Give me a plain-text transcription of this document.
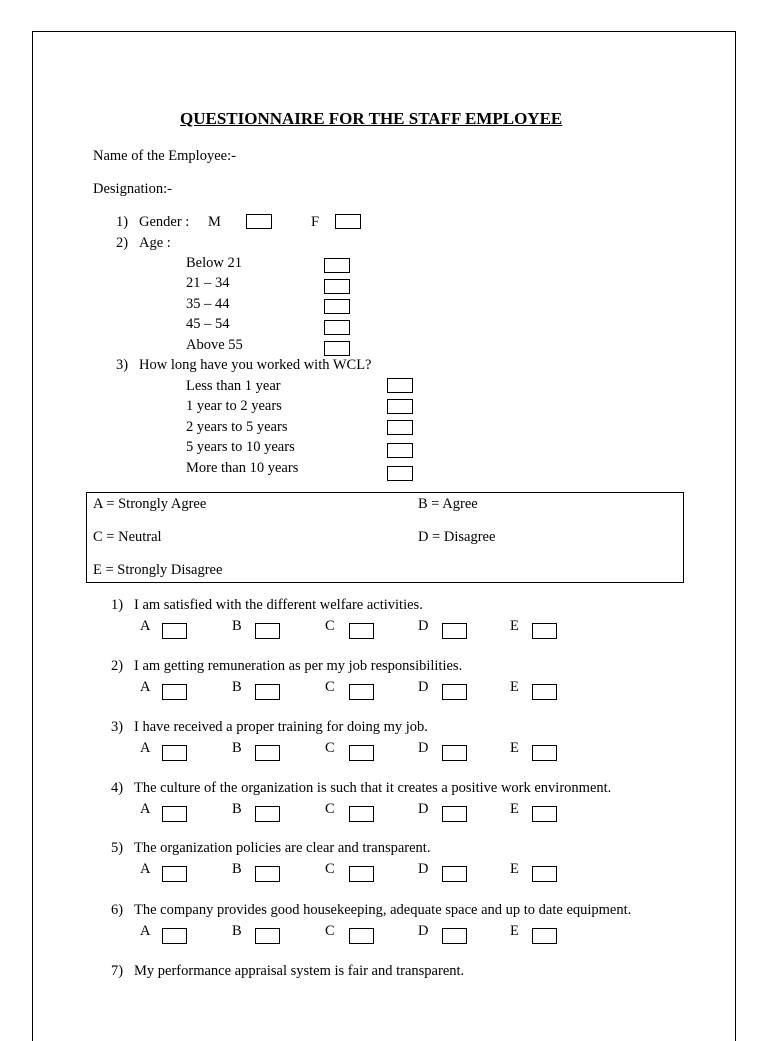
QUESTIONNAIRE FOR THE STAFF EMPLOYEE
Name of the Employee:-
Designation:-
1) Gender : M	F
2) Age :
Below 21
21 – 34
35 – 44
45 – 54
Above 55
3) How long have you worked with WCL?
Less than 1 year
1 year to 2 years
2 years to 5 years
5 years to 10 years
More than 10 years
A = Strongly Agree	B = Agree
C = Neutral	D = Disagree
E = Strongly Disagree
1) I am satisfied with the different welfare activities.
A	B	C	D	E
2) I am getting remuneration as per my job responsibilities.
A	B	C	D	E
3) I have received a proper training for doing my job.
A	B	C	D	E
4) The culture of the organization is such that it creates a positive work environment.
A	B	C	D	E
5) The organization policies are clear and transparent.
A	B	C	D	E
6) The company provides good housekeeping, adequate space and up to date equipment.
A	B	C	D	E
7) My performance appraisal system is fair and transparent.
